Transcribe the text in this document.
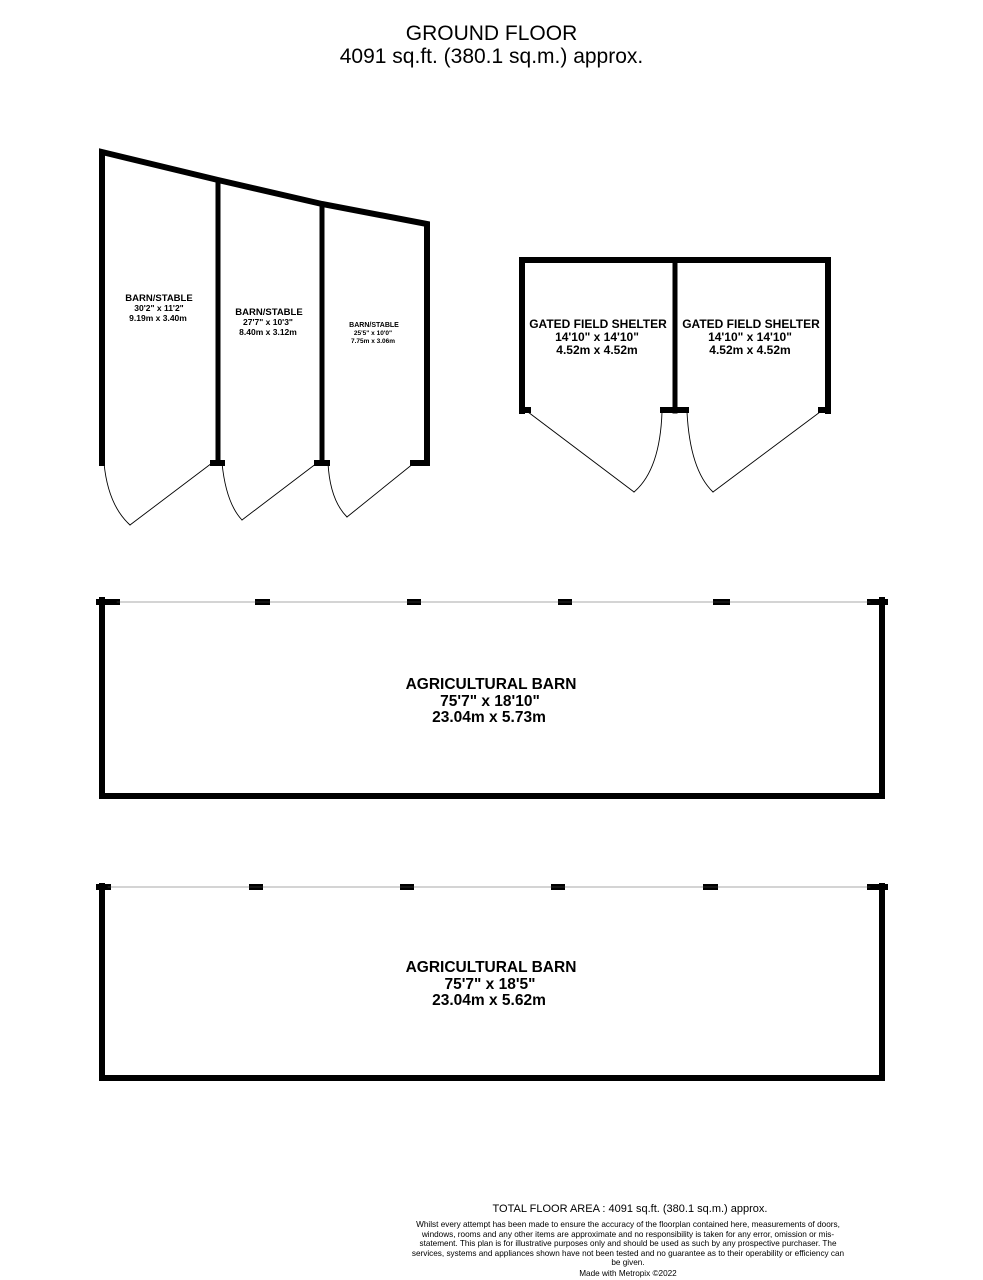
GROUND FLOOR
4091 sq.ft. (380.1 sq.m.) approx.
BARN/STABLE
30'2" x 11'2"
9.19m x 3.40m	BARN/STABLE
27'7" x 10'3"
8.40m x 3.12m
BARN/STABLE
25'5" x 10'0"
7.75m x 3.06m
GATED FIELD SHELTER
14'10" x 14'10"
4.52m x 4.52m
GATED FIELD SHELTER
14'10" x 14'10"
4.52m x 4.52m
AGRICULTURAL BARN
75'7" x 18'10"
23.04m x 5.73m
AGRICULTURAL BARN
75'7" x 18'5"
23.04m x 5.62m
TOTAL FLOOR AREA : 4091 sq.ft. (380.1 sq.m.) approx.
Whilst every attempt has been made to ensure the accuracy of the floorplan contained here, measurements of doors, windows, rooms and any other items are approximate and no responsibility is taken for any error, omission or mis-statement. This plan is for illustrative purposes only and should be used as such by any prospective purchaser. The services, systems and appliances shown have not been tested and no guarantee as to their operability or efficiency can be given.
Made with Metropix ©2022
